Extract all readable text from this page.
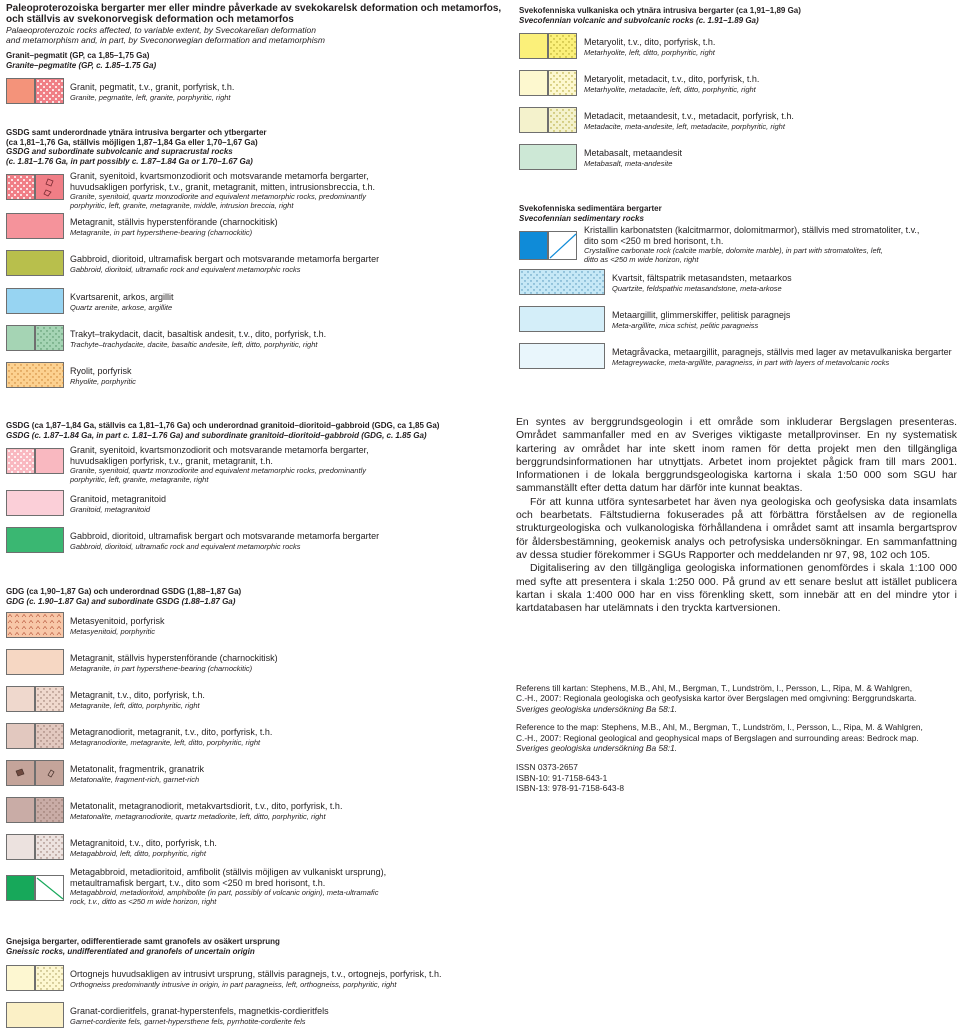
Paleoproterozoiska bergarter mer eller mindre påverkade av svekokarelsk deformation och metamorfos,
och ställvis av svekonorvegisk deformation och metamorfos
Palaeoproterozoic rocks affected, to variable extent, by Svecokarelian deformation
and metamorphism and, in part, by Sveconorwegian deformation and metamorphism
Granit–pegmatit (GP, ca 1,85–1,75 Ga)
Granite–pegmatite (GP, c. 1.85–1.75 Ga)
Granit, pegmatit, t.v., granit, porfyrisk, t.h.
Granite, pegmatite, left, granite, porphyritic, right
GSDG samt underordnade ytnära intrusiva bergarter och ytbergarter
(ca 1,81–1,76 Ga, ställvis möjligen 1,87–1,84 Ga eller 1,70–1,67 Ga)
GSDG and subordinate subvolcanic and supracrustal rocks
(c. 1.81–1.76 Ga, in part possibly c. 1.87–1.84 Ga or 1.70–1.67 Ga)
Granit, syenitoid, kvartsmonzodiorit och motsvarande metamorfa bergarter,
huvudsakligen porfyrisk, t.v., granit, metagranit, mitten, intrusionsbreccia, t.h.
Granite, syenitoid, quartz monzodiorite and equivalent metamorphic rocks, predominantly
porphyritic, left, granite, metagranite, middle, intrusion breccia, right
Metagranit, ställvis hyperstenförande (charnockitisk)
Metagranite, in part hypersthene-bearing (charnockitic)
Gabbroid, dioritoid, ultramafisk bergart och motsvarande metamorfa bergarter
Gabbroid, dioritoid, ultramafic rock and equivalent metamorphic rocks
Kvartsarenit, arkos, argillit
Quartz arenite, arkose, argillite
Trakyt–trakydacit, dacit, basaltisk andesit, t.v., dito, porfyrisk, t.h.
Trachyte–trachydacite, dacite, basaltic andesite, left, ditto, porphyritic, right
Ryolit, porfyrisk
Rhyolite, porphyritic
GSDG (ca 1,87–1,84 Ga, ställvis ca 1,81–1,76 Ga) och underordnad granitoid–dioritoid–gabbroid (GDG, ca 1,85 Ga)
GSDG (c. 1.87–1.84 Ga, in part c. 1.81–1.76 Ga) and subordinate granitoid–dioritoid–gabbroid (GDG, c. 1.85 Ga)
Granit, syenitoid, kvartsmonzodiorit och motsvarande metamorfa bergarter,
huvudsakligen porfyrisk, t.v., granit, metagranit, t.h.
Granite, syenitoid, quartz monzodiorite and equivalent metamorphic rocks, predominantly
porphyritic, left, granite, metagranite, right
Granitoid, metagranitoid
Granitoid, metagranitoid
Gabbroid, dioritoid, ultramafisk bergart och motsvarande metamorfa bergarter
Gabbroid, dioritoid, ultramafic rock and equivalent metamorphic rocks
GDG (ca 1,90–1,87 Ga) och underordnad GSDG (1,88–1,87 Ga)
GDG (c. 1.90–1.87 Ga) and subordinate GSDG (1.88–1.87 Ga)
Metasyenitoid, porfyrisk
Metasyenitoid, porphyritic
Metagranit, ställvis hyperstenförande (charnockitisk)
Metagranite, in part hypersthene-bearing (charnockitic)
Metagranit, t.v., dito, porfyrisk, t.h.
Metagranite, left, ditto, porphyritic, right
Metagranodiorit, metagranit, t.v., dito, porfyrisk, t.h.
Metagranodiorite, metagranite, left, ditto, porphyritic, right
Metatonalit, fragmentrik, granatrik
Metatonalite, fragment-rich, garnet-rich
Metatonalit, metagranodiorit, metakvartsdiorit, t.v., dito, porfyrisk, t.h.
Metatonalite, metagranodiorite, quartz metadiorite, left, ditto, porphyritic, right
Metagranitoid, t.v., dito, porfyrisk, t.h.
Metagabbroid, left, ditto, porphyritic, right
Metagabbroid, metadioritoid, amfibolit (ställvis möjligen av vulkaniskt ursprung),
metaultramafisk bergart, t.v., dito som <250 m bred horisont, t.h.
Metagabbroid, metadioritoid, amphibolite (in part, possibly of volcanic origin), meta-ultramafic
rock, t.v., ditto as <250 m wide horizon, right
Gnejsiga bergarter, odifferentierade samt granofels av osäkert ursprung
Gneissic rocks, undifferentiated and granofels of uncertain origin
Ortognejs huvudsakligen av intrusivt ursprung, ställvis paragnejs, t.v., ortognejs, porfyrisk, t.h.
Orthogneiss predominantly intrusive in origin, in part paragneiss, left, orthogneiss, porphyritic, right
Granat-cordieritfels, granat-hyperstenfels, magnetkis-cordieritfels
Garnet-cordierite fels, garnet-hypersthene fels, pyrrhotite-cordierite fels
Svekofenniska vulkaniska och ytnära intrusiva bergarter (ca 1,91–1,89 Ga)
Svecofennian volcanic and subvolcanic rocks (c. 1.91–1.89 Ga)
Metaryolit, t.v., dito, porfyrisk, t.h.
Metarhyolite, left, ditto, porphyritic, right
Metaryolit, metadacit, t.v., dito, porfyrisk, t.h.
Metarhyolite, metadacite, left, ditto, porphyritic, right
Metadacit, metaandesit, t.v., metadacit, porfyrisk, t.h.
Metadacite, meta-andesite, left, metadacite, porphyritic, right
Metabasalt, metaandesit
Metabasalt, meta-andesite
Svekofenniska sedimentära bergarter
Svecofennian sedimentary rocks
Kristallin karbonatsten (kalcitmarmor, dolomitmarmor), ställvis med stromatoliter, t.v.,
dito som <250 m bred horisont, t.h.
Crystalline carbonate rock (calcite marble, dolomite marble), in part with stromatolites, left,
ditto as <250 m wide horizon, right
Kvartsit, fältspatrik metasandsten, metaarkos
Quartzite, feldspathic metasandstone, meta-arkose
Metaargillit, glimmerskiffer, pelitisk paragnejs
Meta-argillite, mica schist, pelitic paragneiss
Metagråvacka, metaargillit, paragnejs, ställvis med lager av metavulkaniska bergarter
Metagreywacke, meta-argillite, paragneiss, in part with layers of metavolcanic rocks

En syntes av berggrundsgeologin i ett område som inkluderar Bergslagen presenteras. Området sammanfaller med en av Sveriges viktigaste metallprovinser. En ny systematisk kartering av området har inte skett inom ramen för detta projekt men den tillgängliga berggrundsinformationen har utnyttjats. Arbetet inom projektet pågick fram till mars 2001. Informationen i de lokala berggrundsgeologiska kartorna i skala 1:50 000 som SGU har sammanställt efter detta datum har därför inte kunnat beaktas.

För att kunna utföra syntesarbetet har även nya geologiska och geofysiska data insamlats och bearbetats. Fältstudierna fokuserades på att förbättra förståelsen av de regionella strukturgeologiska och vulkanologiska förhållandena i området samt att insamla bergartsprov för åldersbestämning, geokemisk analys och petrofysiska undersökningar. En sammanfattning av dessa studier förekommer i SGUs Rapporter och meddelanden nr 97, 98, 102 och 105.

Digitalisering av den tillgängliga geologiska informationen genomfördes i skala 1:100 000 med syfte att presentera i skala 1:250 000. På grund av ett senare beslut att istället publicera kartan i skala 1:400 000 har en viss förenkling skett, som innebär att en del mindre ytor i kartdatabasen har utelämnats i den tryckta kartversionen.

Referens till kartan: Stephens, M.B., Ahl, M., Bergman, T., Lundström, I., Persson, L., Ripa, M. & Wahlgren,
C.-H., 2007: Regionala geologiska och geofysiska kartor över Bergslagen med omgivning: Berggrundskarta.
Sveriges geologiska undersökning Ba 58:1.
Reference to the map: Stephens, M.B., Ahl, M., Bergman, T., Lundström, I., Persson, L., Ripa, M. & Wahlgren,
C.-H., 2007: Regional geological and geophysical maps of Bergslagen and surrounding areas: Bedrock map.
Sveriges geologiska undersökning Ba 58:1.
ISSN 0373-2657
ISBN-10: 91-7158-643-1
ISBN-13: 978-91-7158-643-8
